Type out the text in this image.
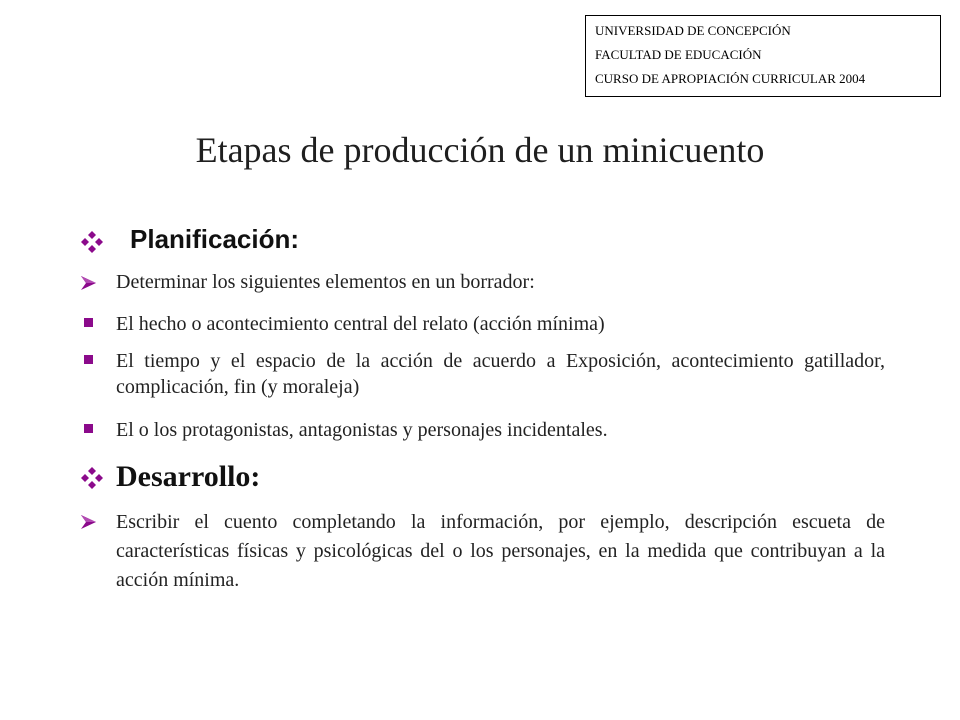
UNIVERSIDAD DE CONCEPCIÓN
FACULTAD DE EDUCACIÓN
CURSO DE APROPIACIÓN CURRICULAR 2004
Etapas de producción de un minicuento
Planificación:
Determinar los siguientes elementos en un borrador:
El hecho o acontecimiento central del relato (acción mínima)
El tiempo y el espacio de la acción de acuerdo a Exposición, acontecimiento gatillador, complicación, fin (y moraleja)
El o los protagonistas, antagonistas y personajes incidentales.
Desarrollo:
Escribir el cuento completando la información, por ejemplo, descripción escueta de características físicas y psicológicas del o los personajes, en la medida que contribuyan a la acción mínima.
